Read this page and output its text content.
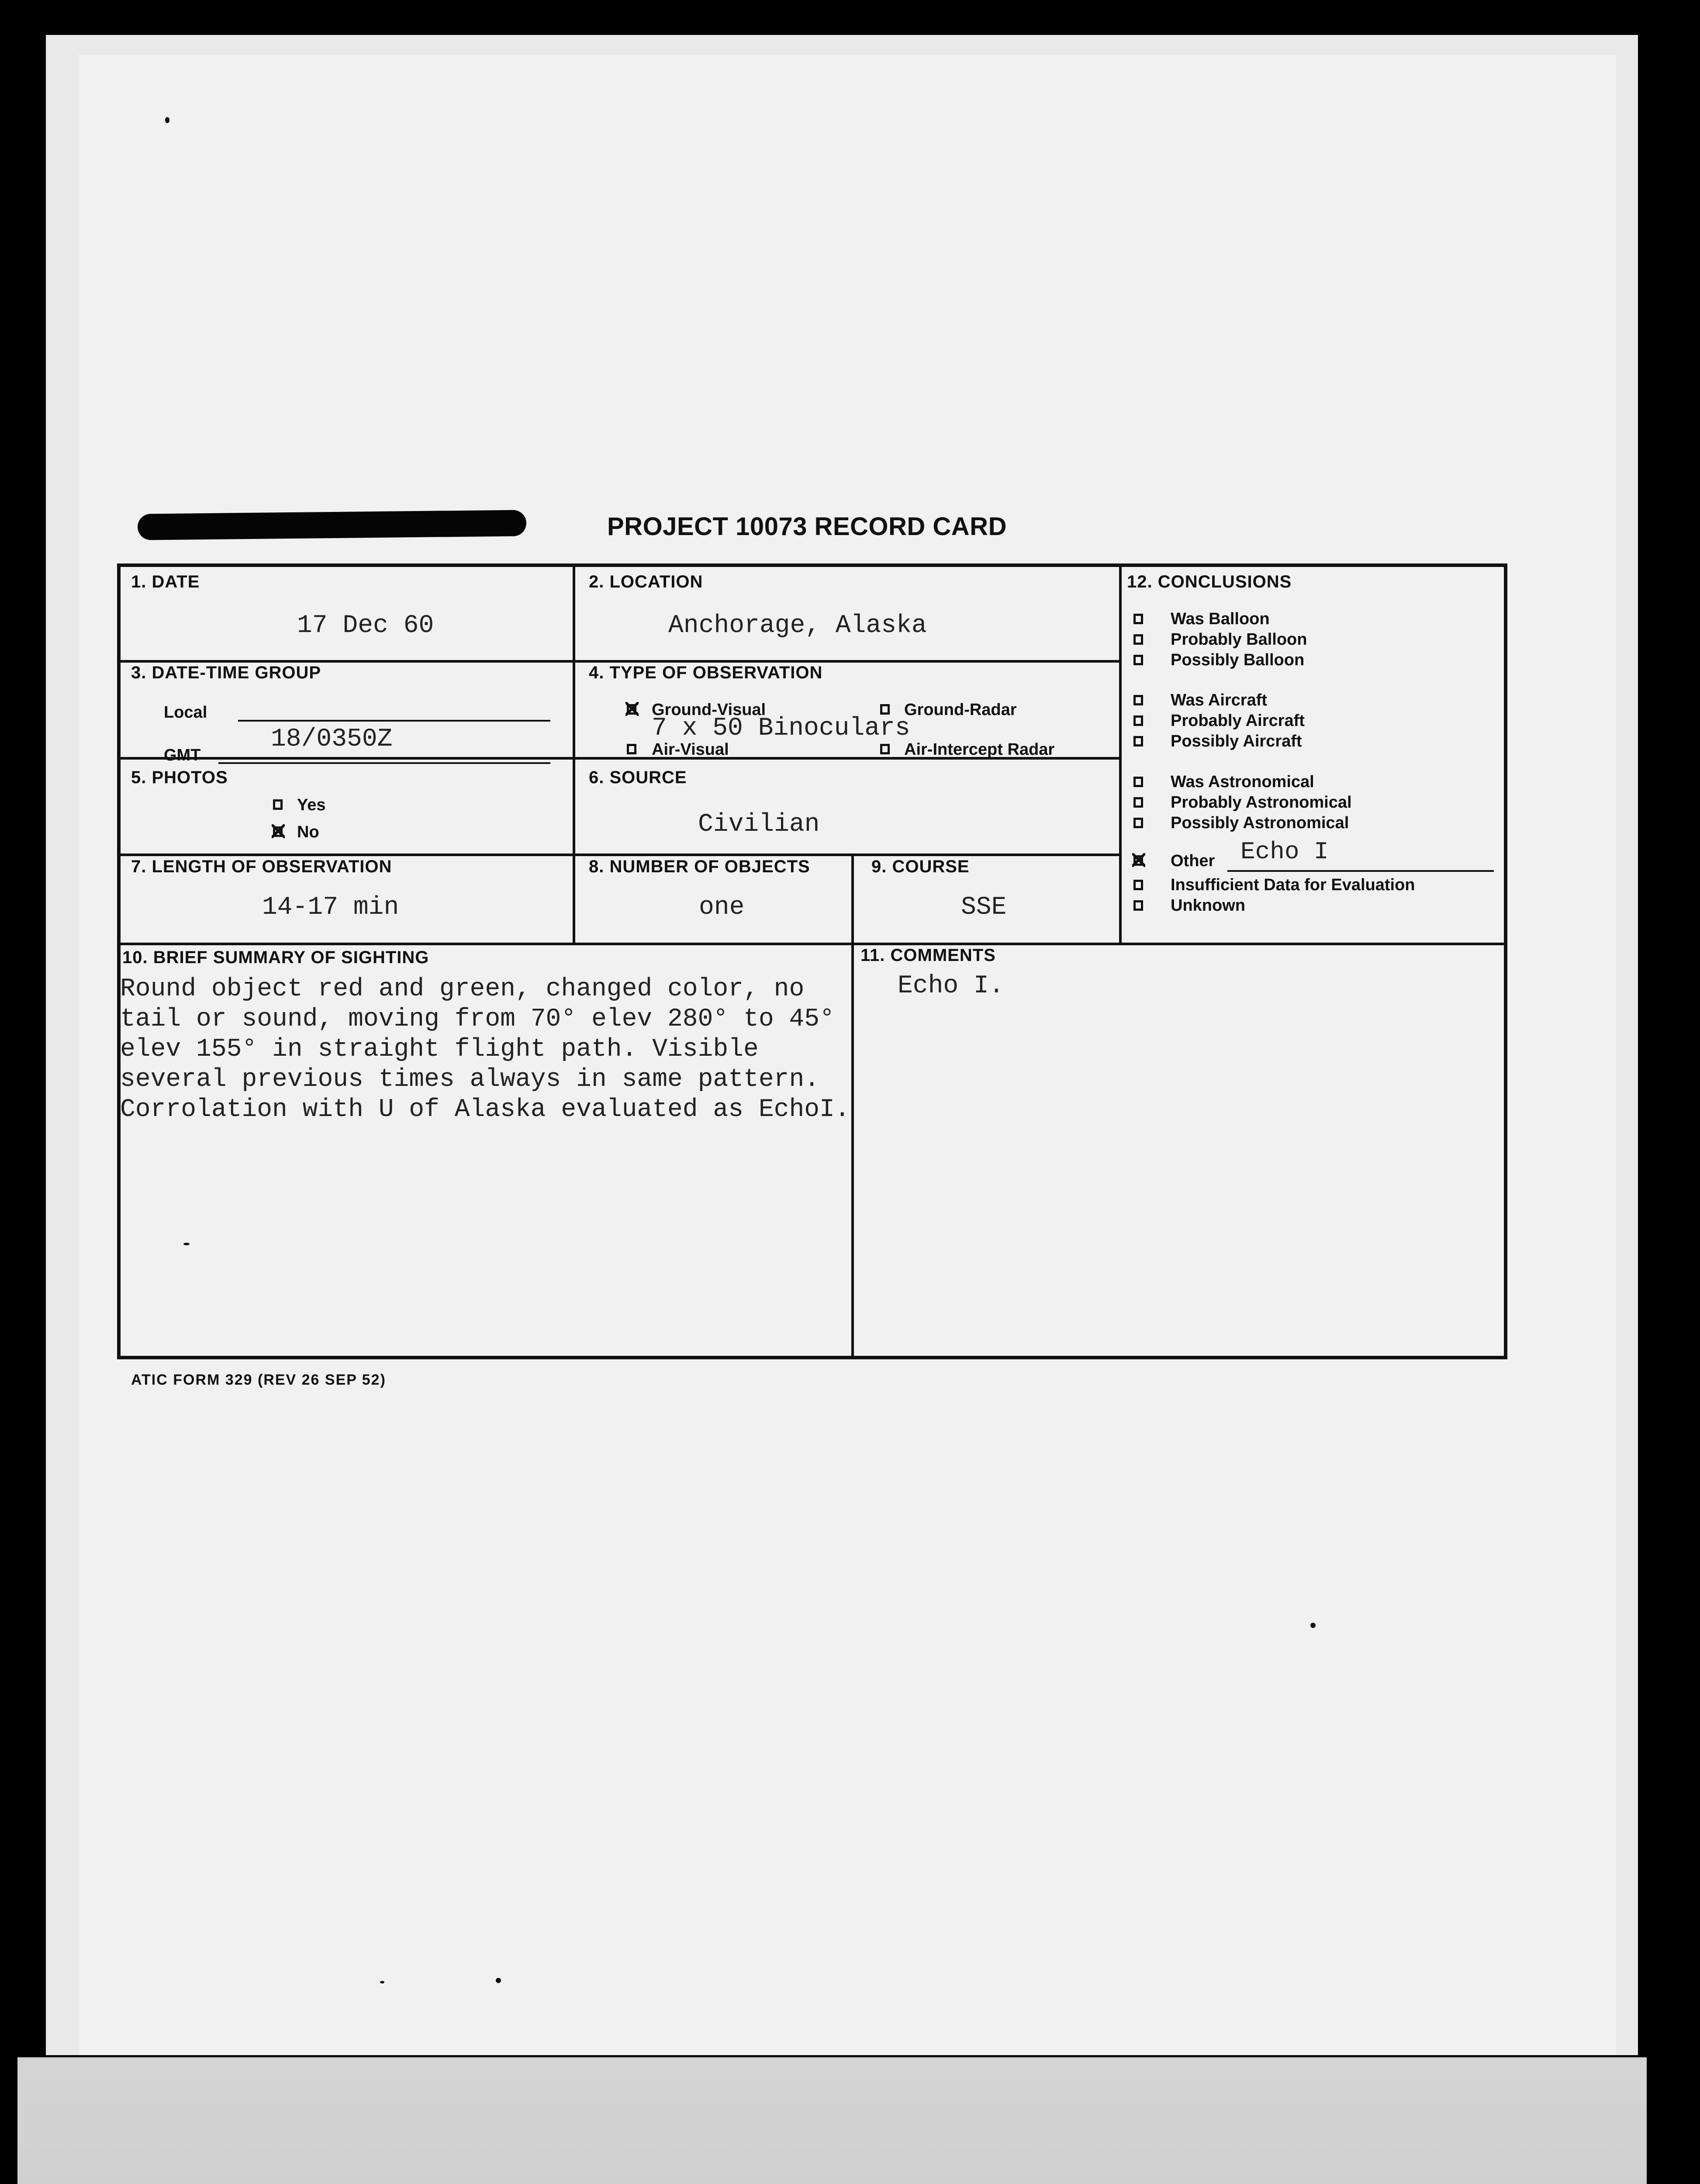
PROJECT 10073 RECORD CARD
1. DATE
17 Dec 60
2. LOCATION
Anchorage, Alaska
3. DATE-TIME GROUP
Local
GMT
18/0350Z
4. TYPE OF OBSERVATION
Ground-Visual	Ground-Radar
7 x 50 Binoculars
Air-Visual	Air-Intercept Radar
5. PHOTOS
Yes
No
6. SOURCE
Civilian
7. LENGTH OF OBSERVATION
14-17 min
8. NUMBER OF OBJECTS
one
9. COURSE
SSE
10. BRIEF SUMMARY OF SIGHTING
Round object red and green, changed color, no
tail or sound, moving from 70° elev 280° to 45°
elev 155° in straight flight path. Visible
several previous times always in same pattern.
Corrolation with U of Alaska evaluated as EchoI.
11. COMMENTS
Echo I.
12. CONCLUSIONS
Was Balloon
Probably Balloon
Possibly Balloon
Was Aircraft
Probably Aircraft
Possibly Aircraft
Was Astronomical
Probably Astronomical
Possibly Astronomical
Other Echo I
Insufficient Data for Evaluation
Unknown
ATIC FORM 329 (REV 26 SEP 52)
